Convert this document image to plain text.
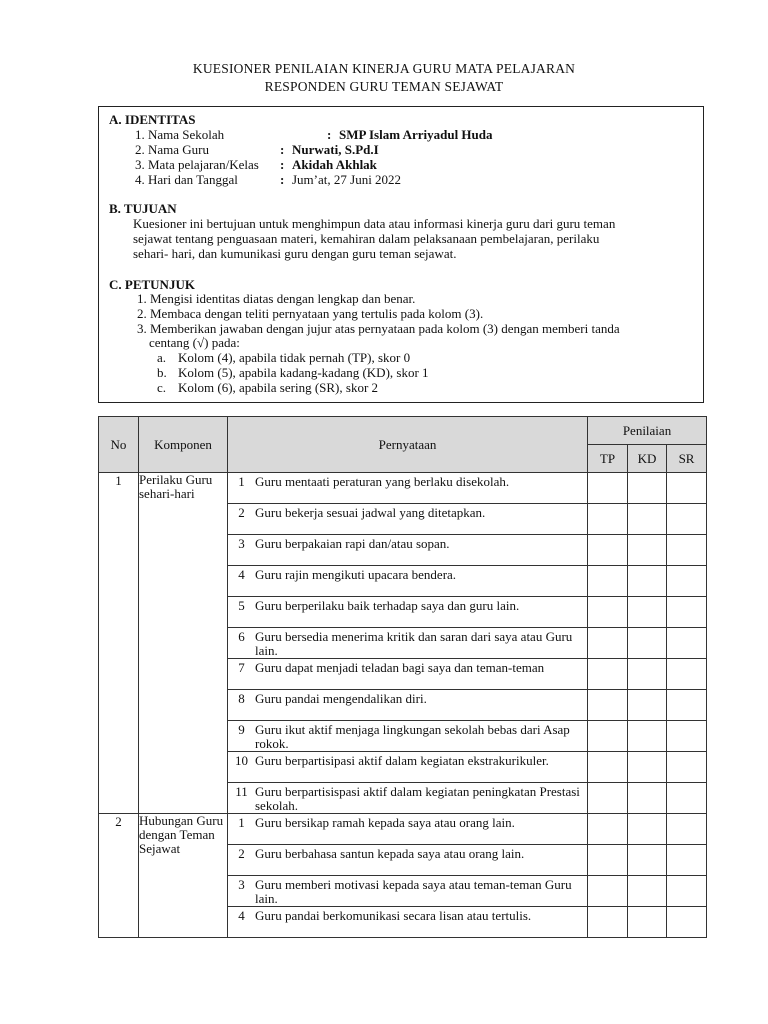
KUESIONER PENILAIAN KINERJA GURU MATA PELAJARAN
RESPONDEN GURU TEMAN SEJAWAT
A. IDENTITAS
1. Nama Sekolah	: SMP Islam Arriyadul Huda
2. Nama Guru	: Nurwati, S.Pd.I
3. Mata pelajaran/Kelas : Akidah Akhlak
4. Hari dan Tanggal	: Jum’at, 27 Juni 2022
B. TUJUAN
Kuesioner ini bertujuan untuk menghimpun data atau informasi kinerja guru dari guru teman
sejawat tentang penguasaan materi, kemahiran dalam pelaksanaan pembelajaran, perilaku
sehari- hari, dan kumunikasi guru dengan guru teman sejawat.
C. PETUNJUK
1. Mengisi identitas diatas dengan lengkap dan benar.
2. Membaca dengan teliti pernyataan yang tertulis pada kolom (3).
3. Memberikan jawaban dengan jujur atas pernyataan pada kolom (3) dengan memberi tanda
centang (√) pada:
a. Kolom (4), apabila tidak pernah (TP), skor 0
b. Kolom (5), apabila kadang-kadang (KD), skor 1
c. Kolom (6), apabila sering (SR), skor 2
No	Komponen	Pernyataan	Penilaian		
			TP	KD	SR
1	Perilaku Guru sehari-hari	1 Guru mentaati peraturan yang berlaku disekolah.			

		2 Guru bekerja sesuai jadwal yang ditetapkan.			

		3 Guru berpakaian rapi dan/atau sopan.			

		4 Guru rajin mengikuti upacara bendera.			

		5 Guru berperilaku baik terhadap saya dan guru lain.			

		6 Guru bersedia menerima kritik dan saran dari saya atau Guru lain.			

		7 Guru dapat menjadi teladan bagi saya dan teman-teman			

		8 Guru pandai mengendalikan diri.			

		9 Guru ikut aktif menjaga lingkungan sekolah bebas dari Asap rokok.			

		10 Guru berpartisipasi aktif dalam kegiatan ekstrakurikuler.			

		11 Guru berpartisispasi aktif dalam kegiatan peningkatan Prestasi sekolah.			

2	Hubungan Guru dengan Teman Sejawat	1 Guru bersikap ramah kepada saya atau orang lain.			

		2 Guru berbahasa santun kepada saya atau orang lain.			

		3 Guru memberi motivasi kepada saya atau teman-teman Guru lain.			

		4 Guru pandai berkomunikasi secara lisan atau tertulis.			
